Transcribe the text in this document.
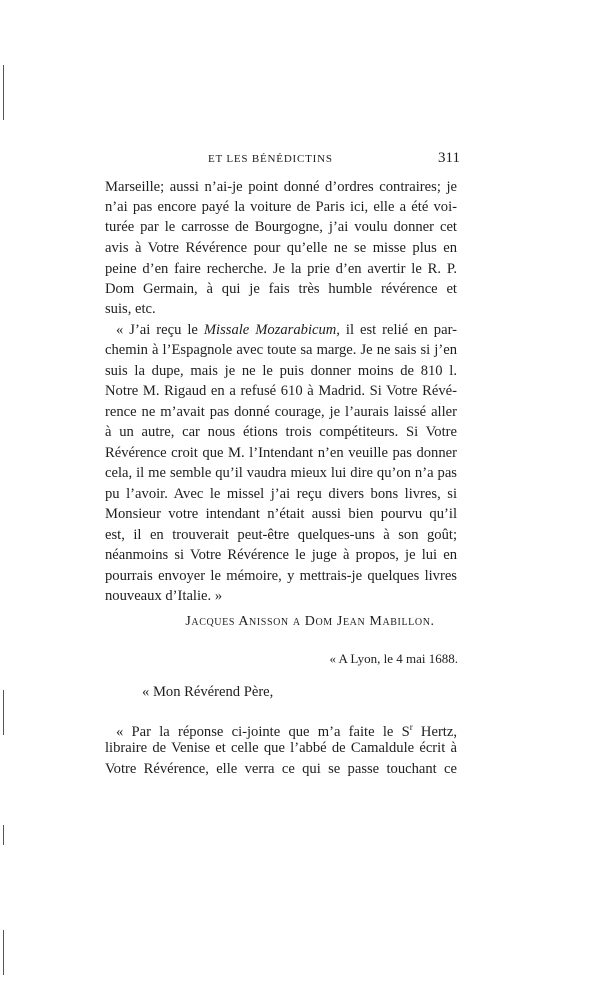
ET LES BÉNÉDICTINS	311
Marseille; aussi n’ai-je point donné d’ordres contraires; je
n’ai pas encore payé la voiture de Paris ici, elle a été voi-
turée par le carrosse de Bourgogne, j’ai voulu donner cet
avis à Votre Révérence pour qu’elle ne se misse plus en
peine d’en faire recherche. Je la prie d’en avertir le R. P.
Dom Germain, à qui je fais très humble révérence et
suis, etc.
« J’ai reçu le Missale Mozarabicum, il est relié en par-
chemin à l’Espagnole avec toute sa marge. Je ne sais si j’en
suis la dupe, mais je ne le puis donner moins de 810 l.
Notre M. Rigaud en a refusé 610 à Madrid. Si Votre Révé-
rence ne m’avait pas donné courage, je l’aurais laissé aller
à un autre, car nous étions trois compétiteurs. Si Votre
Révérence croit que M. l’Intendant n’en veuille pas donner
cela, il me semble qu’il vaudra mieux lui dire qu’on n’a pas
pu l’avoir. Avec le missel j’ai reçu divers bons livres, si
Monsieur votre intendant n’était aussi bien pourvu qu’il
est, il en trouverait peut-être quelques-uns à son goût;
néanmoins si Votre Révérence le juge à propos, je lui en
pourrais envoyer le mémoire, y mettrais-je quelques livres
nouveaux d’Italie. »
Jacques Anisson a Dom Jean Mabillon.
« A Lyon, le 4 mai 1688.
« Mon Révérend Père,
« Par la réponse ci-jointe que m’a faite le $S^r$ Hertz,
libraire de Venise et celle que l’abbé de Camaldule écrit à
Votre Révérence, elle verra ce qui se passe touchant ce
